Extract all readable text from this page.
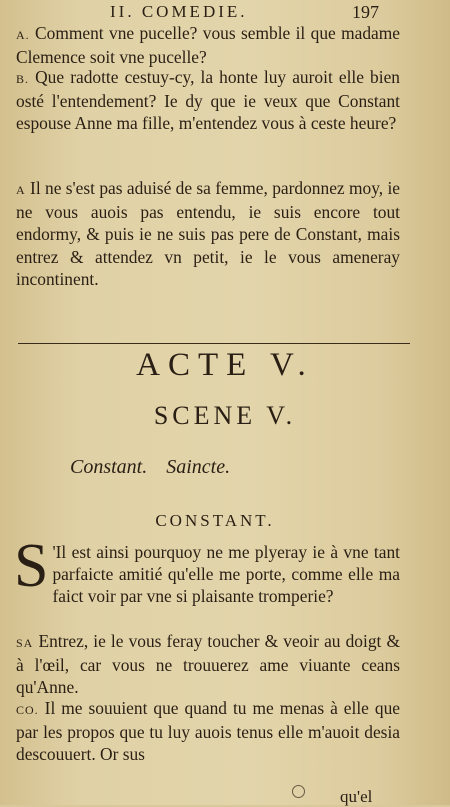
II. COMEDIE.	197

A. Comment vne pucelle? vous semble il que madame Clemence soit vne pucelle?

B. Que radotte cestuy-cy, la honte luy auroit elle bien osté l'entendement? Ie dy que ie veux que Constant espouse Anne ma fille, m'entendez vous à ceste heure?

A Il ne s'est pas aduisé de sa femme, pardonnez moy, ie ne vous auois pas entendu, ie suis encore tout endormy, & puis ie ne suis pas pere de Constant, mais entrez & attendez vn petit, ie le vous ameneray incontinent.

ACTE V.
SCENE V.
Constant. Saincte.
CONSTANT.

S 'Il est ainsi pourquoy ne me plyeray ie à vne tant parfaicte amitié qu'elle me porte, comme elle ma faict voir par vne si plaisante tromperie?

SA Entrez, ie le vous feray toucher & veoir au doigt & à l'œil, car vous ne trouuerez ame viuante ceans qu'Anne.

CO. Il me souuient que quand tu me menas à elle que par les propos que tu luy auois tenus elle m'auoit desia descouuert. Or sus

qu'el
